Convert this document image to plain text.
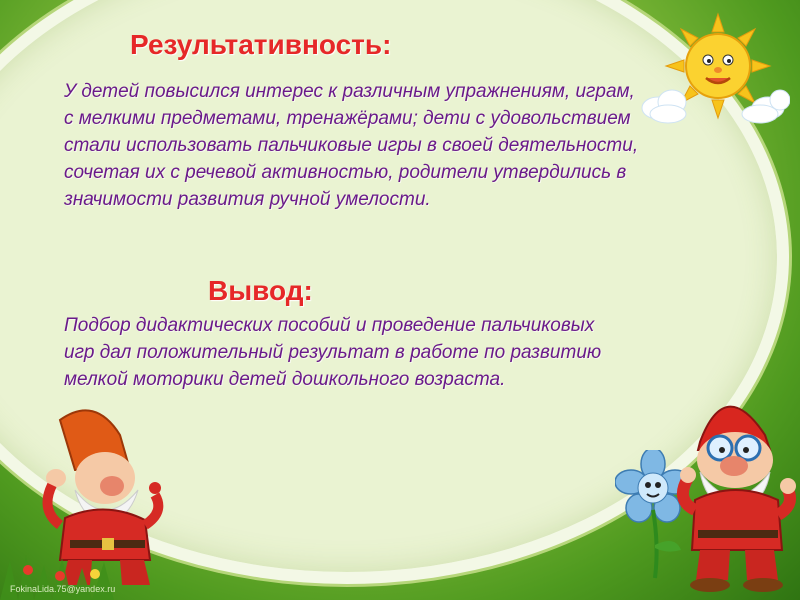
Результативность:
У детей повысился интерес к различным упражнениям, играм, с мелкими предметами, тренажёрами; дети с удовольствием стали использовать пальчиковые игры в своей деятельности, сочетая их с речевой активностью, родители утвердились в значимости развития ручной умелости.
Вывод:
Подбор дидактических пособий и проведение пальчиковых игр дал положительный результат в работе по развитию мелкой моторики детей дошкольного возраста.
FokinaLida.75@yandex.ru
